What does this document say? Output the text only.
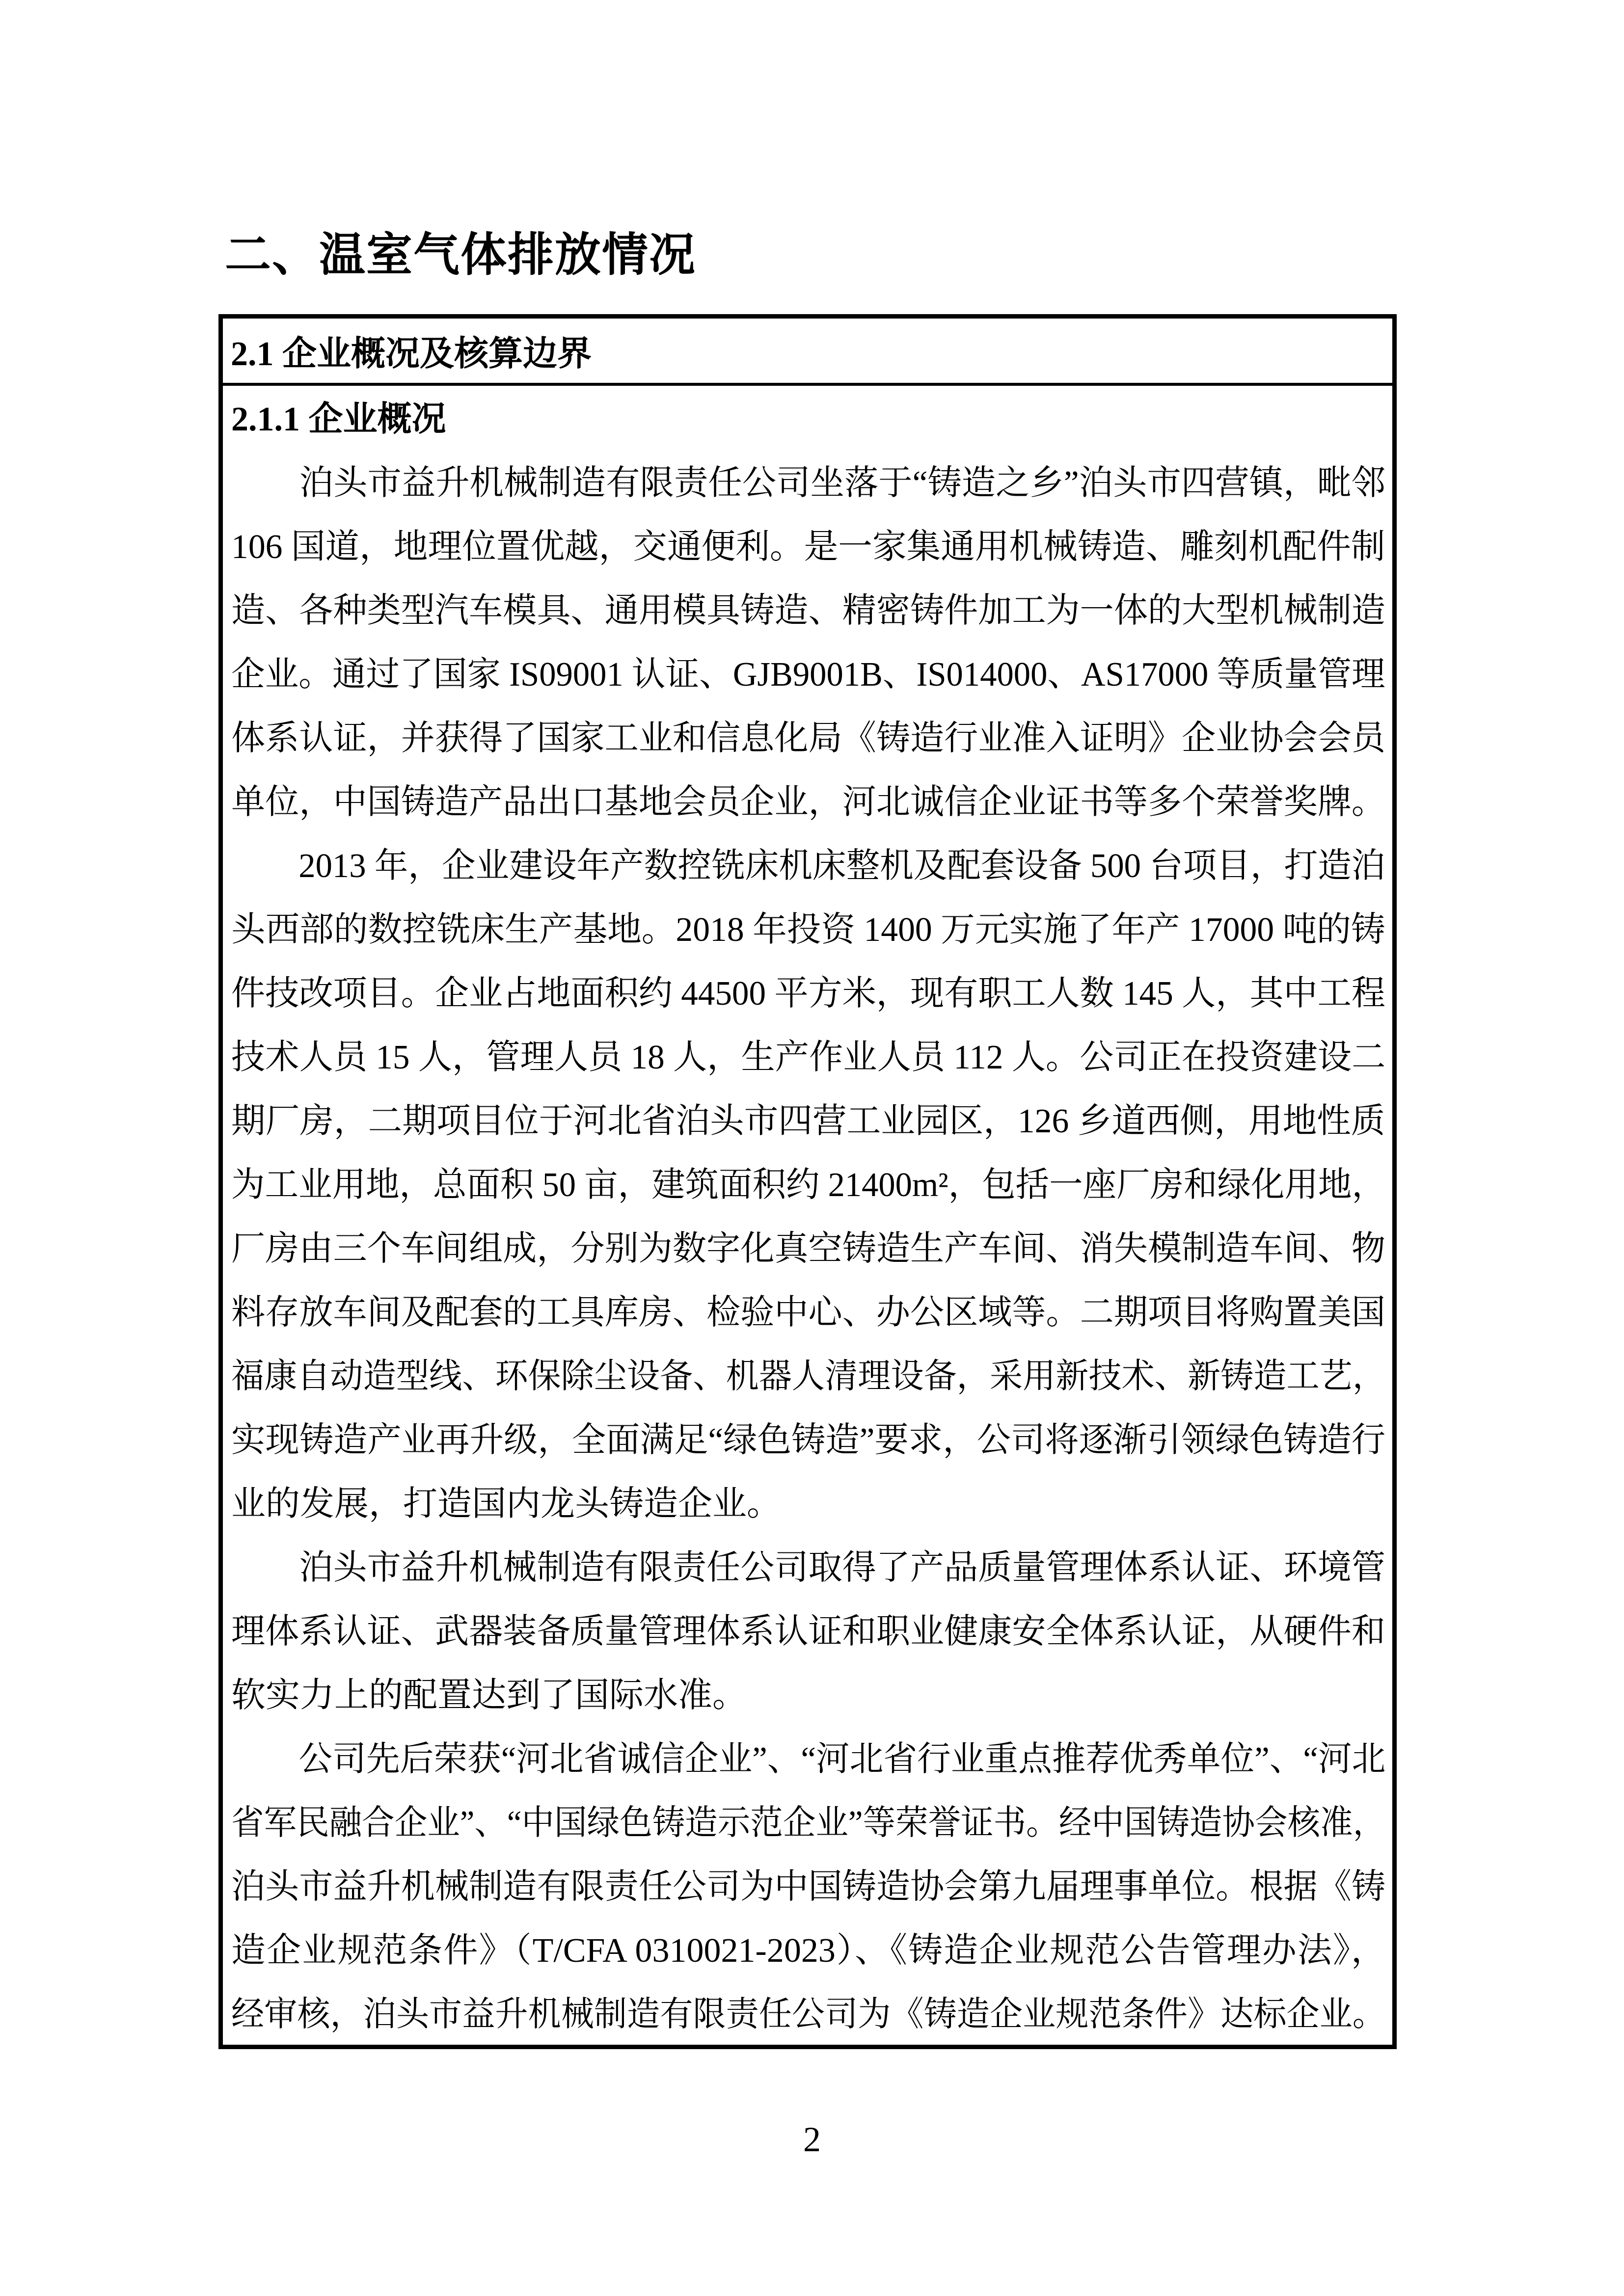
二、温室气体排放情况
2.1 企业概况及核算边界
2.1.1 企业概况
泊头市益升机械制造有限责任公司坐落于“铸造之乡”泊头市四营镇，毗邻
106 国道，地理位置优越，交通便利。是一家集通用机械铸造、雕刻机配件制
造、各种类型汽车模具、通用模具铸造、精密铸件加工为一体的大型机械制造
企业。通过了国家 IS09001 认证、GJB9001B、IS014000、AS17000 等质量管理
体系认证，并获得了国家工业和信息化局《铸造行业准入证明》企业协会会员
单位，中国铸造产品出口基地会员企业，河北诚信企业证书等多个荣誉奖牌。
2013 年，企业建设年产数控铣床机床整机及配套设备 500 台项目，打造泊
头西部的数控铣床生产基地。2018 年投资 1400 万元实施了年产 17000 吨的铸
件技改项目。企业占地面积约 44500 平方米，现有职工人数 145 人，其中工程
技术人员 15 人，管理人员 18 人，生产作业人员 112 人。公司正在投资建设二
期厂房，二期项目位于河北省泊头市四营工业园区，126 乡道西侧，用地性质
为工业用地，总面积 50 亩，建筑面积约 21400m²，包括一座厂房和绿化用地，
厂房由三个车间组成，分别为数字化真空铸造生产车间、消失模制造车间、物
料存放车间及配套的工具库房、检验中心、办公区域等。二期项目将购置美国
福康自动造型线、环保除尘设备、机器人清理设备，采用新技术、新铸造工艺，
实现铸造产业再升级，全面满足“绿色铸造”要求，公司将逐渐引领绿色铸造行
业的发展，打造国内龙头铸造企业。
泊头市益升机械制造有限责任公司取得了产品质量管理体系认证、环境管
理体系认证、武器装备质量管理体系认证和职业健康安全体系认证，从硬件和
软实力上的配置达到了国际水准。
公司先后荣获“河北省诚信企业”、“河北省行业重点推荐优秀单位”、“河北
省军民融合企业”、“中国绿色铸造示范企业”等荣誉证书。经中国铸造协会核准，
泊头市益升机械制造有限责任公司为中国铸造协会第九届理事单位。根据《铸
造企业规范条件》（T/CFA 0310021-2023）、《铸造企业规范公告管理办法》，
经审核，泊头市益升机械制造有限责任公司为《铸造企业规范条件》达标企业。
2
